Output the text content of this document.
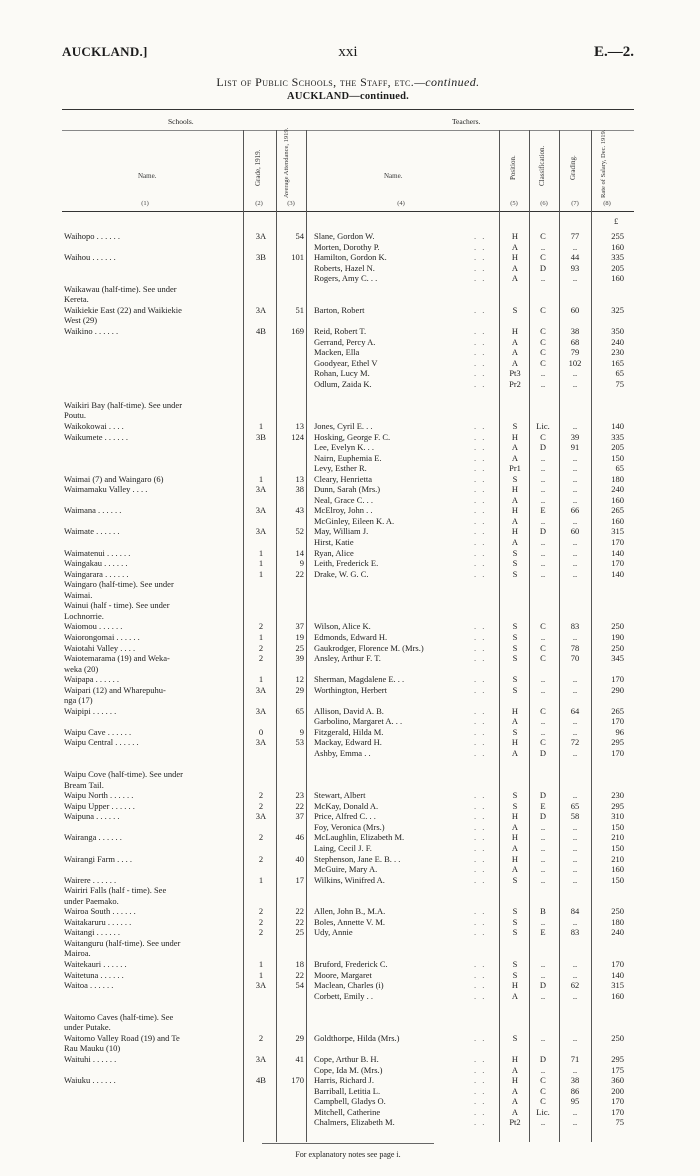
AUCKLAND.]	xxi	E.—2.
List of Public Schools, the Staff, etc.—continued.
AUCKLAND—continued.
Schools.	Teachers.
Name.	Grade, 1919.	Average Attendance, 1919.	Name.	Position.	Classification.	Grading.	Rate of Salary, Dec. 1919.
(1)	(2)	(3)	(4)	(5)	(6)	(7)	(8)
£
Waihopo . . . . . .	3A	54 Slane, Gordon W.	. .	H	C	77	255
Morten, Dorothy P.	. .	A	..	..	160
Waihou . . . . . .	3B	101 Hamilton, Gordon K.	. .	H	C	44	335
Roberts, Hazel N.	. .	A	D	93	205
Rogers, Amy C. . .	. .	A	..	..	160
Waikawau (half-time). See under
Kereta.
Waikiekie East (22) and Waikiekie	3A	51 Barton, Robert	. .	S	C	60	325
West (29)
Waikino . . . . . .	4B	169 Reid, Robert T.	. .	H	C	38	350
Gerrand, Percy A.	. .	A	C	68	240
Macken, Ella	. .	A	C	79	230
Goodyear, Ethel V	. .	A	C	102	165
Rohan, Lucy M.	. .	Pt3	..	..	65
Odlum, Zaida K.	. .	Pr2	..	..	75
Waikiri Bay (half-time). See under
Poutu.
Waikokowai . . . .	1	13 Jones, Cyril E. . .	. .	S	Lic.	..	140
Waikumete . . . . . .	3B	124 Hosking, George F. C.	. .	H	C	39	335
Lee, Evelyn K. . .	. .	A	D	91	205
Nairn, Euphemia E.	. .	A	..	..	150
Levy, Esther R.	. .	Pr1	..	..	65
Waimai (7) and Waingaro (6)	1	13 Cleary, Henrietta	. .	S	..	..	180
Waimamaku Valley . . . .	3A	38 Dunn, Sarah (Mrs.)	. .	H	..	..	240
Neal, Grace C. . .	. .	A	..	..	160
Waimana . . . . . .	3A	43 McElroy, John . .	. .	H	E	66	265
McGinley, Eileen K. A.	. .	A	..	..	160
Waimate . . . . . .	3A	52 May, William J.	. .	H	D	60	315
Hirst, Katie	. .	A	..	..	170
Waimatenui . . . . . .	1	14 Ryan, Alice	. .	S	..	..	140
Waingakau . . . . . .	1	9 Leith, Frederick E.	. .	S	..	..	170
Waingarara . . . . . .	1	22 Drake, W. G. C.	. .	S	..	..	140
Waingaro (half-time). See under
Waimai.
Wainui (half - time). See under
Lochnorrie.
Waiomou . . . . . .	2	37 Wilson, Alice K.	. .	S	C	83	250
Waiorongomai . . . . . .	1	19 Edmonds, Edward H.	. .	S	..	..	190
Waiotahi Valley . . . .	2	25 Gaukrodger, Florence M. (Mrs.)	. .	S	C	78	250
Waiotemarama (19) and Weka-	2	39 Ansley, Arthur F. T.	. .	S	C	70	345
weka (20)
Waipapa . . . . . .	1	12 Sherman, Magdalene E. . .	. .	S	..	..	170
Waipari (12) and Wharepuhu-	3A	29 Worthington, Herbert	. .	S	..	..	290
nga (17)
Waipipi . . . . . .	3A	65 Allison, David A. B.	. .	H	C	64	265
Garbolino, Margaret A. . .	. .	A	..	..	170
Waipu Cave . . . . . .	0	9 Fitzgerald, Hilda M.	. .	S	..	..	96
Waipu Central . . . . . .	3A	53 Mackay, Edward H.	. .	H	C	72	295
Ashby, Emma . .	. .	A	D	..	170
Waipu Cove (half-time). See under
Bream Tail.
Waipu North . . . . . .	2	23 Stewart, Albert	. .	S	D	..	230
Waipu Upper . . . . . .	2	22 McKay, Donald A.	. .	S	E	65	295
Waipuna . . . . . .	3A	37 Price, Alfred C. . .	. .	H	D	58	310
Foy, Veronica (Mrs.)	. .	A	..	..	150
Wairanga . . . . . .	2	46 McLaughlin, Elizabeth M.	. .	H	..	..	210
Laing, Cecil J. F.	. .	A	..	..	150
Wairangi Farm . . . .	2	40 Stephenson, Jane E. B. . .	. .	H	..	..	210
McGuire, Mary A.	. .	A	..	..	160
Wairere . . . . . .	1	17 Wilkins, Winifred A.	. .	S	..	..	150
Wairiri Falls (half - time). See
under Paemako.
Wairoa South . . . . . .	2	22 Allen, John B., M.A.	. .	S	B	84	250
Waitakaruru . . . . . .	2	22 Boles, Annette V. M.	. .	S	..	..	180
Waitangi . . . . . .	2	25 Udy, Annie	. .	S	E	83	240
Waitanguru (half-time). See under
Mairoa.
Waitekauri . . . . . .	1	18 Bruford, Frederick C.	. .	S	..	..	170
Waitetuna . . . . . .	1	22 Moore, Margaret	. .	S	..	..	140
Waitoa . . . . . .	3A	54 Maclean, Charles (i)	. .	H	D	62	315
Corbett, Emily . .	. .	A	..	..	160
Waitomo Caves (half-time). See
under Putake.
Waitomo Valley Road (19) and Te	2	29 Goldthorpe, Hilda (Mrs.)	. .	S	..	..	250
Rau Mauku (10)
Waituhi . . . . . .	3A	41 Cope, Arthur B. H.	. .	H	D	71	295
Cope, Ida M. (Mrs.)	. .	A	..	..	175
Waiuku . . . . . .	4B	170 Harris, Richard J.	. .	H	C	38	360
Barriball, Letitia L.	. .	A	C	86	200
Campbell, Gladys O.	. .	A	C	95	170
Mitchell, Catherine	. .	A	Lic.	..	170
Chalmers, Elizabeth M.	. .	Pt2	..	..	75
For explanatory notes see page i.
